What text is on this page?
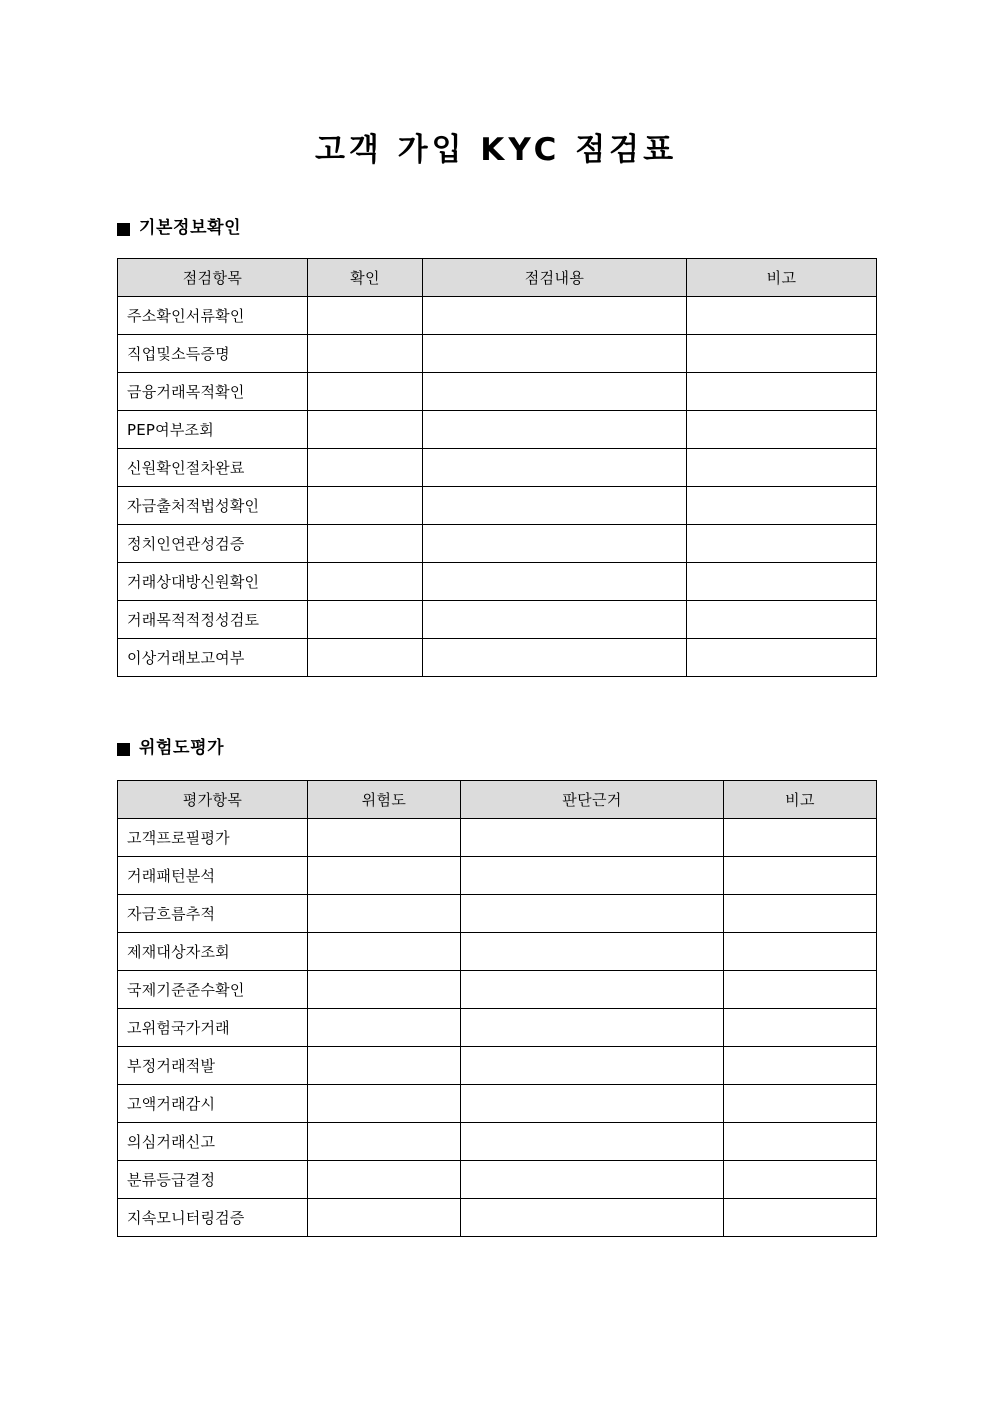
고객 가입 KYC 점검표
기본정보확인
점검항목	확인	점검내용	비고
주소확인서류확인			
직업및소득증명			
금융거래목적확인			
PEP여부조회			
신원확인절차완료			
자금출처적법성확인			
정치인연관성검증			
거래상대방신원확인			
거래목적적정성검토			
이상거래보고여부			
위험도평가
평가항목	위험도	판단근거	비고
고객프로필평가			
거래패턴분석			
자금흐름추적			
제재대상자조회			
국제기준준수확인			
고위험국가거래			
부정거래적발			
고액거래감시			
의심거래신고			
분류등급결정			
지속모니터링검증			
